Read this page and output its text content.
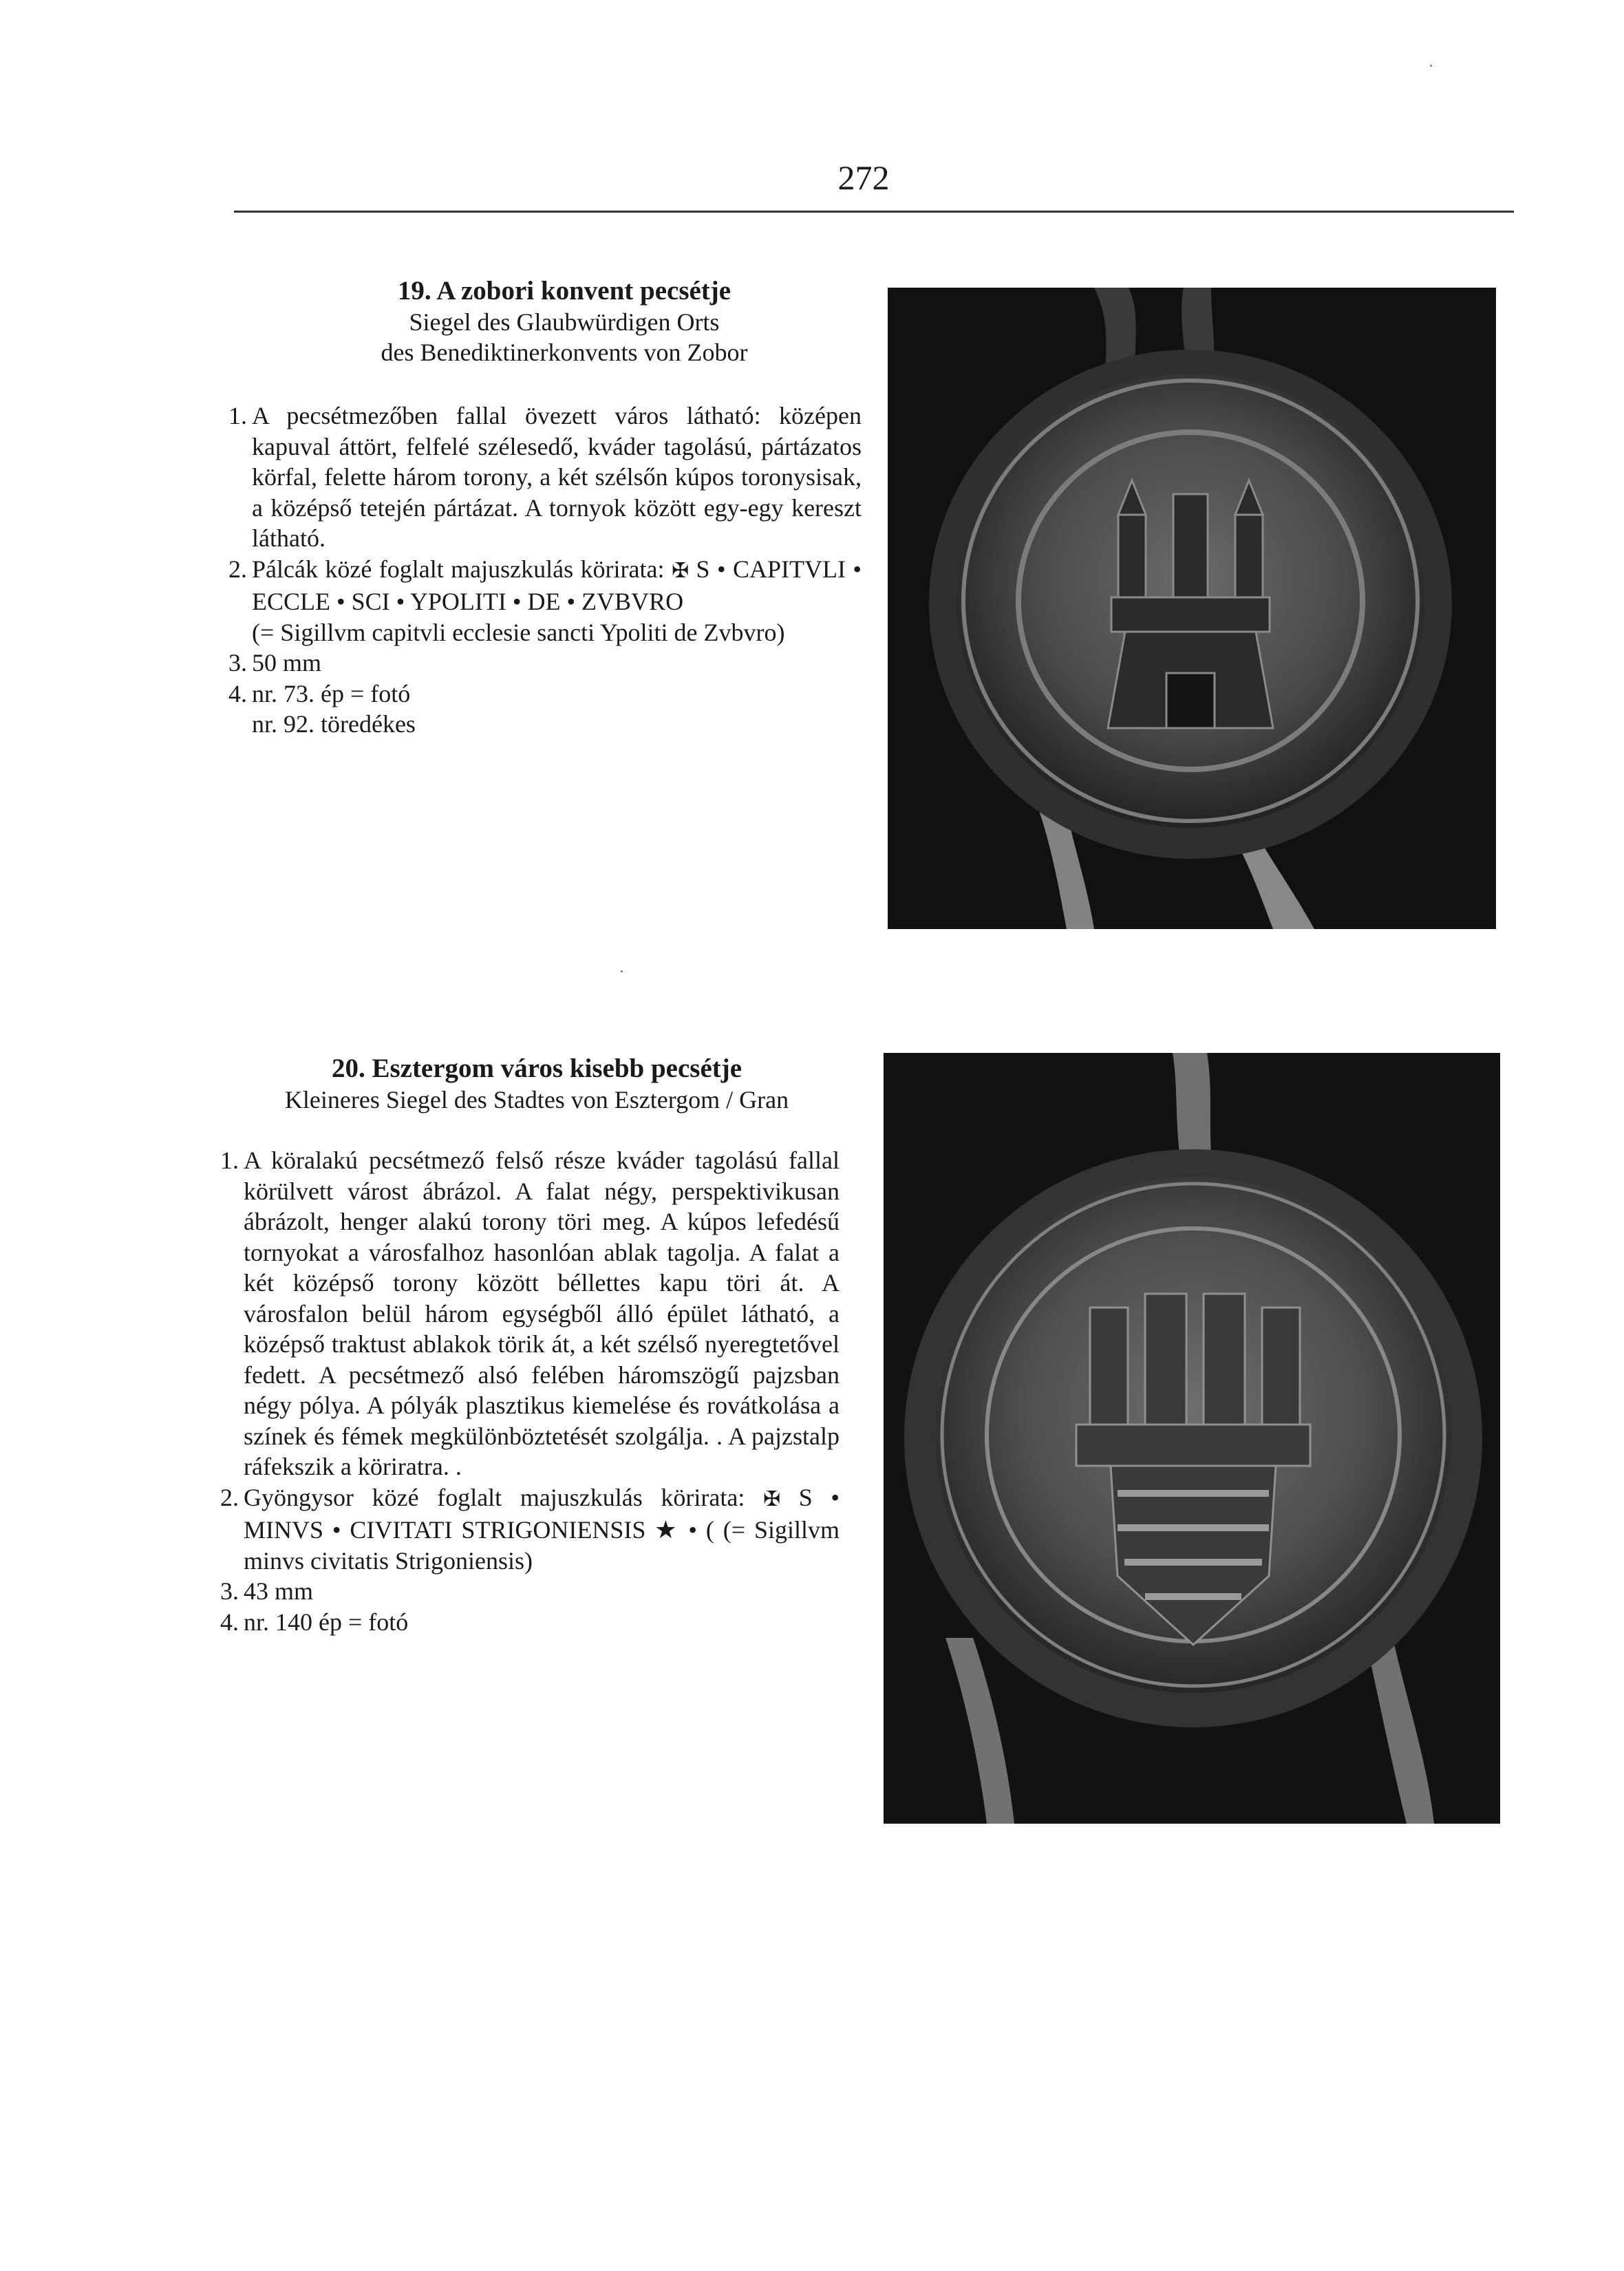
272
19. A zobori konvent pecsétje
Siegel des Glaubwürdigen Orts
des Benediktinerkonvents von Zobor
1. A pecsétmezőben fallal övezett város látható: középen kapuval áttört, felfelé szélesedő, kváder tagolású, pártázatos körfal, felette három torony, a két szélsőn kúpos toronysisak, a középső tetején pártázat. A tornyok között egy-egy kereszt látható.
2. Pálcák közé foglalt majuszkulás körirata: ✠ S • CAPITVLI • ECCLE • SCI • YPOLITI • DE • ZVBVRO

(= Sigillvm capitvli ecclesie sancti Ypoliti de Zvbvro)

3. 50 mm
4. nr. 73. ép = fotó

nr. 92. töredékes

20. Esztergom város kisebb pecsétje
Kleineres Siegel des Stadtes von Esztergom / Gran
1. A köralakú pecsétmező felső része kváder tagolású fallal körülvett várost ábrázol. A falat négy, perspektivikusan ábrázolt, henger alakú torony töri meg. A kúpos lefedésű tornyokat a városfalhoz hasonlóan ablak tagolja. A falat a két középső torony között béllettes kapu töri át. A városfalon belül három egységből álló épület látható, a középső traktust ablakok törik át, a két szélső nyeregtetővel fedett. A pecsétmező alsó felében háromszögű pajzsban négy pólya. A pólyák plasztikus kiemelése és rovátkolása a színek és fémek megkülönböztetését szolgálja. . A pajzstalp ráfekszik a köriratra. .
2. Gyöngysor közé foglalt majuszkulás körirata: ✠ S • MINVS • CIVITATI STRIGONIENSIS ★ • ( (= Sigillvm minvs civitatis Strigoniensis)
3. 43 mm
4. nr. 140 ép = fotó
